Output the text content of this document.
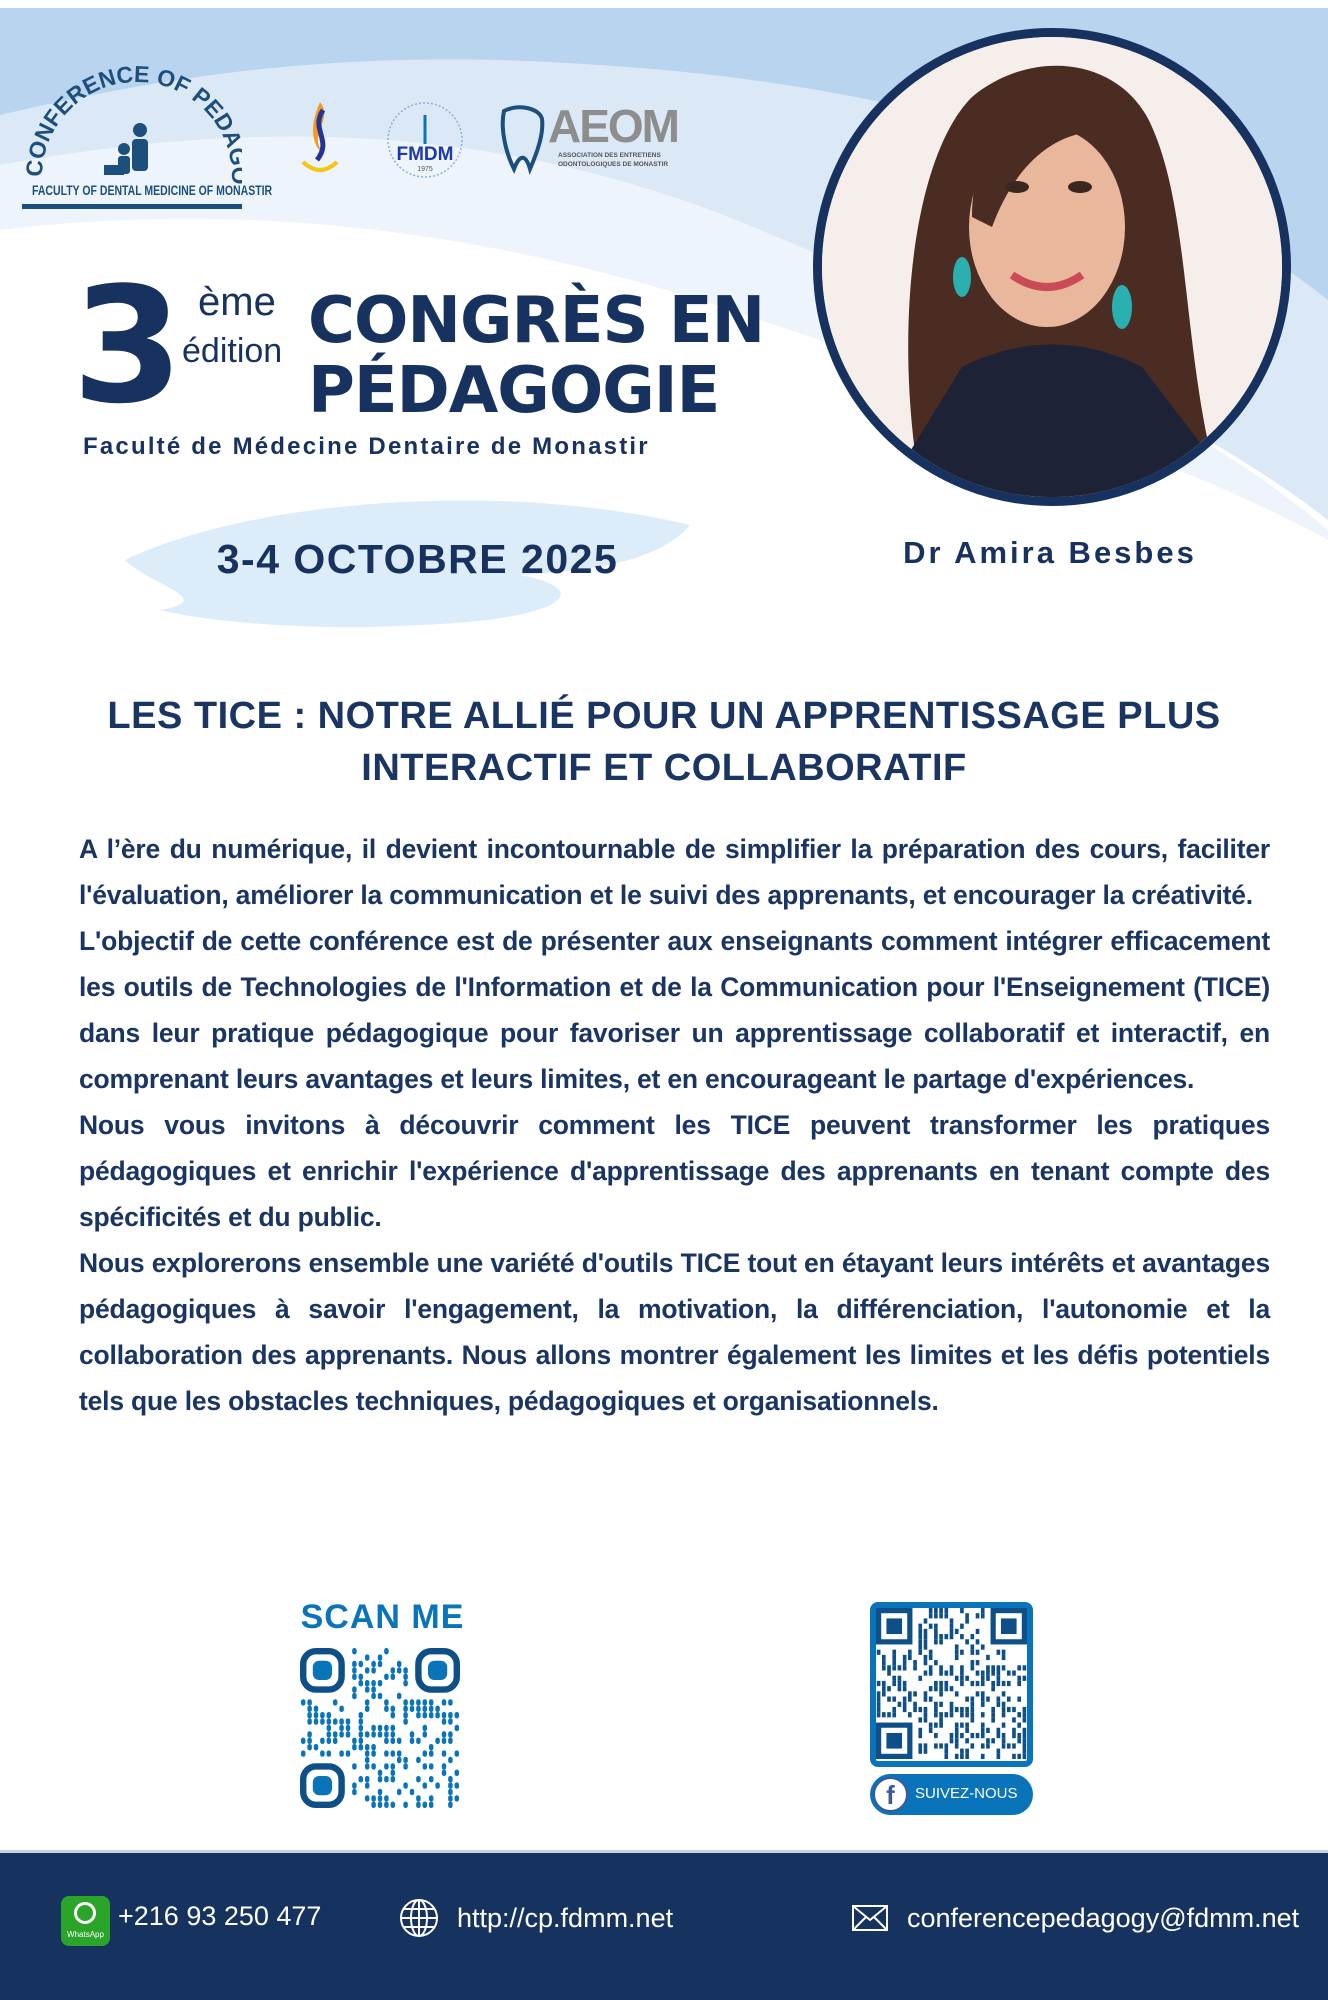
CONFERENCE OF PED
FACULTY OF DENTAL MEDICINE OF MONASTIR
FMDM
1975
AEOM
ASSOCIATION DES ENTRETIENS
ODONTOLOGIQUES DE MONASTIR
3 ème
édition CONGRÈS EN
PÉDAGOGIE
Faculté de Médecine Dentaire de Monastir
3-4 OCTOBRE 2025	Dr Amira Besbes
LES TICE : NOTRE ALLIÉ POUR UN APPRENTISSAGE PLUS INTERACTIF ET COLLABORATIF

A l’ère du numérique, il devient incontournable de simplifier la préparation des cours, faciliter l'évaluation, améliorer la communication et le suivi des apprenants, et encourager la créativité.

L'objectif de cette conférence est de présenter aux enseignants comment intégrer efficacement les outils de Technologies de l'Information et de la Communication pour l'Enseignement (TICE) dans leur pratique pédagogique pour favoriser un apprentissage collaboratif et interactif, en comprenant leurs avantages et leurs limites, et en encourageant le partage d'expériences.

Nous vous invitons à découvrir comment les TICE peuvent transformer les pratiques pédagogiques et enrichir l'expérience d'apprentissage des apprenants en tenant compte des spécificités et du public.

Nous explorerons ensemble une variété d'outils TICE tout en étayant leurs intérêts et avantages pédagogiques à savoir l'engagement, la motivation, la différenciation, l'autonomie et la collaboration des apprenants. Nous allons montrer également les limites et les défis potentiels tels que les obstacles techniques, pédagogiques et organisationnels.

SCAN ME
f	SUIVEZ-NOUS
WhatsApp
+216 93 250 477	http://cp.fdmm.net	conferencepedagogy@fdmm.net
